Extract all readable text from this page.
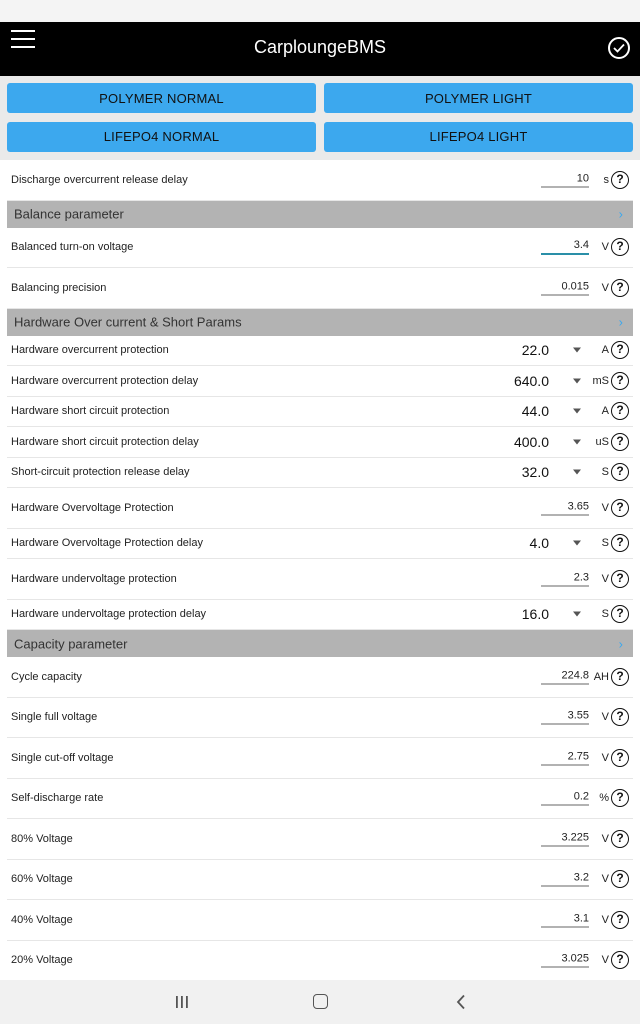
CarploungeBMS
POLYMER NORMAL	POLYMER LIGHT
LIFEPO4 NORMAL	LIFEPO4 LIGHT
Discharge overcurrent release delay	10	s ?
Balance parameter	›
Balanced turn-on voltage	3.4	V ?
Balancing precision	0.015	V ?
Hardware Over current & Short Params	›
Hardware overcurrent protection	22.0	A ?
Hardware overcurrent protection delay	640.0	mS ?
Hardware short circuit protection	44.0	A ?
Hardware short circuit protection delay	400.0	uS ?
Short-circuit protection release delay	32.0	S ?
Hardware Overvoltage Protection	3.65	V ?
Hardware Overvoltage Protection delay	4.0	S ?
Hardware undervoltage protection	2.3	V ?
Hardware undervoltage protection delay	16.0	S ?
Capacity parameter	›
Cycle capacity	224.8 AH ?
Single full voltage	3.55	V ?
Single cut-off voltage	2.75	V ?
Self-discharge rate	0.2 % ?
80% Voltage	3.225	V ?
60% Voltage	3.2	V ?
40% Voltage	3.1	V ?
20% Voltage	3.025	V ?
